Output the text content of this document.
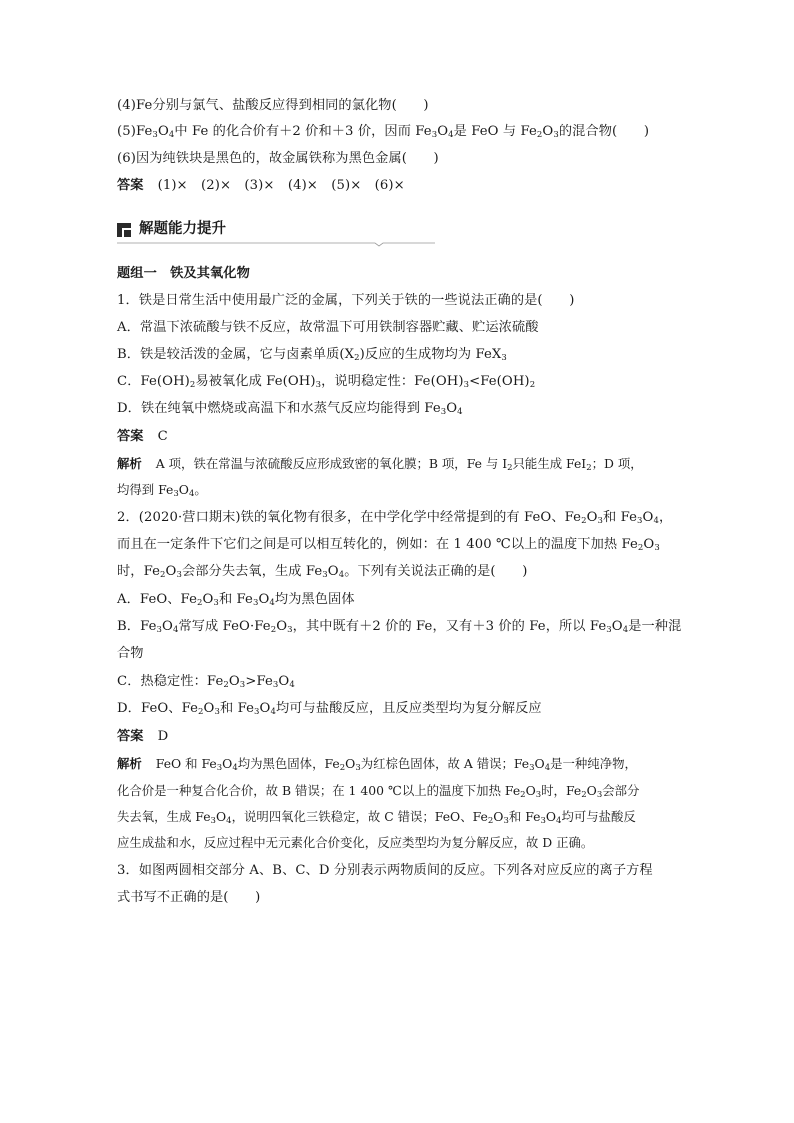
(4)Fe分别与氯气、盐酸反应得到相同的氯化物(　　)
$(5)Fe_3O_4$中 Fe 的化合价有＋2 价和＋3 价，因而 $Fe_3O_4$是 FeO 与 $Fe_2O_3$的混合物(　　)
(6)因为纯铁块是黑色的，故金属铁称为黑色金属(　　)
答案 (1)×　(2)×　(3)×　(4)×　(5)×　(6)×
解题能力提升
题组一　铁及其氧化物
1．铁是日常生活中使用最广泛的金属，下列关于铁的一些说法正确的是(　　)
A．常温下浓硫酸与铁不反应，故常温下可用铁制容器贮藏、贮运浓硫酸
B．铁是较活泼的金属，它与卤素单质$(X_2)$反应的生成物均为 FeX$_3$
C．$Fe(OH)_2$易被氧化成 $Fe(OH)_3$，说明稳定性：$Fe(OH)_3<Fe(OH)_2$
D．铁在纯氧中燃烧或高温下和水蒸气反应均能得到 $Fe_3O_4$
答案 C
解析 A 项，铁在常温与浓硫酸反应形成致密的氧化膜；B 项，Fe 与 $I_2$只能生成 FeI$_2$；D 项，
均得到 $Fe_3O_4$。
2．(2020·营口期末)铁的氧化物有很多，在中学化学中经常提到的有 FeO、$Fe_2O_3$和 $Fe_3O_4$，
而且在一定条件下它们之间是可以相互转化的，例如：在 1 400 ℃以上的温度下加热 $Fe_2O_3$
时，$Fe_2O_3$会部分失去氧，生成 $Fe_3O_4$。下列有关说法正确的是(　　)
A．FeO、$Fe_2O_3$和 $Fe_3O_4$均为黑色固体
B．$Fe_3O_4$常写成 $FeO\cdot Fe_2O_3$，其中既有＋2 价的 Fe，又有＋3 价的 Fe，所以 $Fe_3O_4$是一种混
合物
C．热稳定性：$Fe_2O_3>Fe_3O_4$
D．FeO、$Fe_2O_3$和 $Fe_3O_4$均可与盐酸反应，且反应类型均为复分解反应
答案 D
解析 FeO 和 $Fe_3O_4$均为黑色固体，$Fe_2O_3$为红棕色固体，故 A 错误；$Fe_3O_4$是一种纯净物，
化合价是一种复合化合价，故 B 错误；在 1 400 ℃以上的温度下加热 $Fe_2O_3$时，$Fe_2O_3$会部分
失去氧，生成 $Fe_3O_4$，说明四氧化三铁稳定，故 C 错误；FeO、$Fe_2O_3$和 $Fe_3O_4$均可与盐酸反
应生成盐和水，反应过程中无元素化合价变化，反应类型均为复分解反应，故 D 正确。
3．如图两圆相交部分 A、B、C、D 分别表示两物质间的反应。下列各对应反应的离子方程
式书写不正确的是(　　)
